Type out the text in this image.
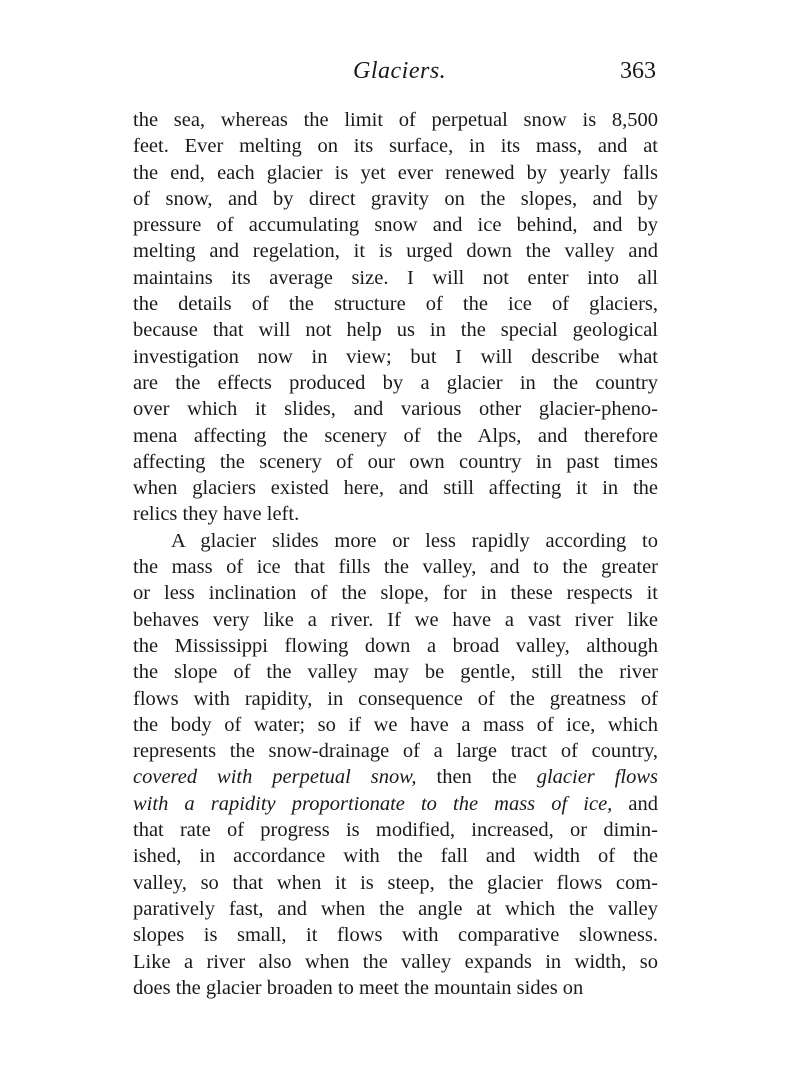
Glaciers.	363
the sea, whereas the limit of perpetual snow is 8,500
feet. Ever melting on its surface, in its mass, and at
the end, each glacier is yet ever renewed by yearly falls
of snow, and by direct gravity on the slopes, and by
pressure of accumulating snow and ice behind, and by
melting and regelation, it is urged down the valley and
maintains its average size. I will not enter into all
the details of the structure of the ice of glaciers,
because that will not help us in the special geological
investigation now in view; but I will describe what
are the effects produced by a glacier in the country
over which it slides, and various other glacier-pheno-
mena affecting the scenery of the Alps, and therefore
affecting the scenery of our own country in past times
when glaciers existed here, and still affecting it in the
relics they have left.
A glacier slides more or less rapidly according to
the mass of ice that fills the valley, and to the greater
or less inclination of the slope, for in these respects it
behaves very like a river. If we have a vast river like
the Mississippi flowing down a broad valley, although
the slope of the valley may be gentle, still the river
flows with rapidity, in consequence of the greatness of
the body of water; so if we have a mass of ice, which
represents the snow-drainage of a large tract of country,
covered with perpetual snow, then the glacier flows
with a rapidity proportionate to the mass of ice, and
that rate of progress is modified, increased, or dimin-
ished, in accordance with the fall and width of the
valley, so that when it is steep, the glacier flows com-
paratively fast, and when the angle at which the valley
slopes is small, it flows with comparative slowness.
Like a river also when the valley expands in width, so
does the glacier broaden to meet the mountain sides on
